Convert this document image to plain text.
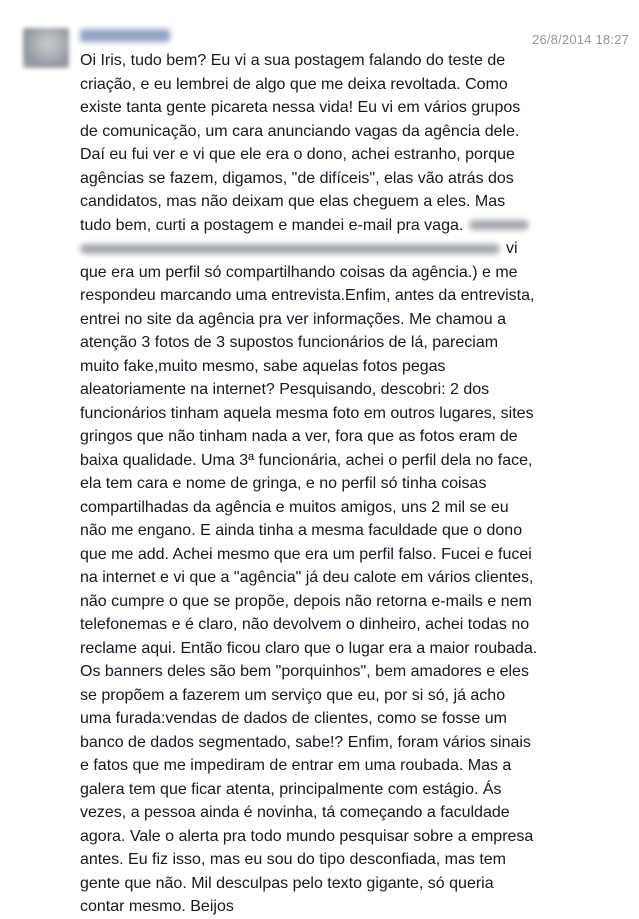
26/8/2014 18:27
Oi Iris, tudo bem? Eu vi a sua postagem falando do teste de
criação, e eu lembrei de algo que me deixa revoltada. Como
existe tanta gente picareta nessa vida! Eu vi em vários grupos
de comunicação, um cara anunciando vagas da agência dele.
Daí eu fui ver e vi que ele era o dono, achei estranho, porque
agências se fazem, digamos, "de difíceis", elas vão atrás dos
candidatos, mas não deixam que elas cheguem a eles. Mas
tudo bem, curti a postagem e mandei e-mail pra vaga.
vi
que era um perfil só compartilhando coisas da agência.) e me
respondeu marcando uma entrevista.Enfim, antes da entrevista,
entrei no site da agência pra ver informações. Me chamou a
atenção 3 fotos de 3 supostos funcionários de lá, pareciam
muito fake,muito mesmo, sabe aquelas fotos pegas
aleatoriamente na internet? Pesquisando, descobri: 2 dos
funcionários tinham aquela mesma foto em outros lugares, sites
gringos que não tinham nada a ver, fora que as fotos eram de
baixa qualidade. Uma 3ª funcionária, achei o perfil dela no face,
ela tem cara e nome de gringa, e no perfil só tinha coisas
compartilhadas da agência e muitos amigos, uns 2 mil se eu
não me engano. E ainda tinha a mesma faculdade que o dono
que me add. Achei mesmo que era um perfil falso. Fucei e fucei
na internet e vi que a "agência" já deu calote em vários clientes,
não cumpre o que se propõe, depois não retorna e-mails e nem
telefonemas e é claro, não devolvem o dinheiro, achei todas no
reclame aqui. Então ficou claro que o lugar era a maior roubada.
Os banners deles são bem "porquinhos", bem amadores e eles
se propõem a fazerem um serviço que eu, por si só, já acho
uma furada:vendas de dados de clientes, como se fosse um
banco de dados segmentado, sabe!? Enfim, foram vários sinais
e fatos que me impediram de entrar em uma roubada. Mas a
galera tem que ficar atenta, principalmente com estágio. Ás
vezes, a pessoa ainda é novinha, tá começando a faculdade
agora. Vale o alerta pra todo mundo pesquisar sobre a empresa
antes. Eu fiz isso, mas eu sou do tipo desconfiada, mas tem
gente que não. Mil desculpas pelo texto gigante, só queria
contar mesmo. Beijos
